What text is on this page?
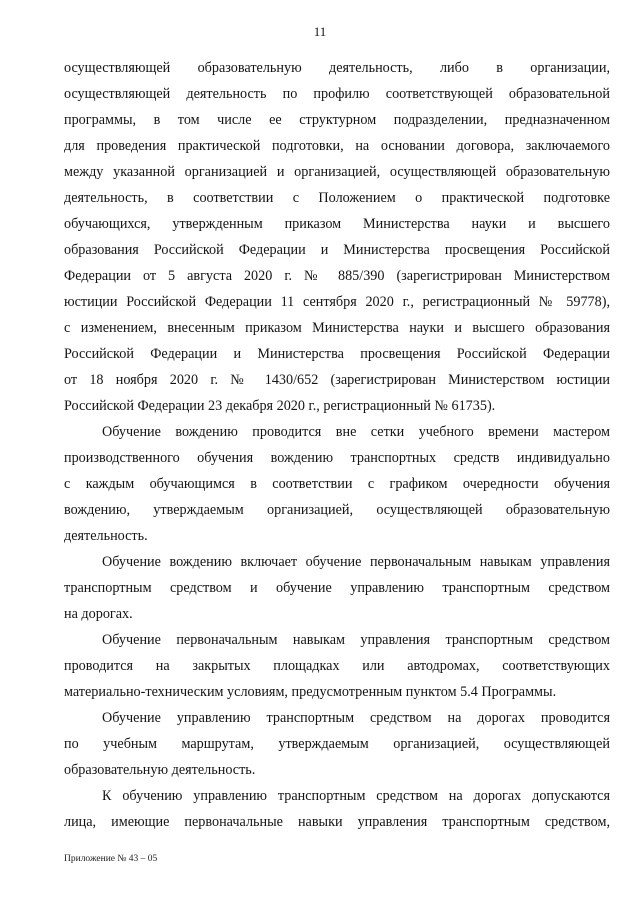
11

осуществляющей образовательную деятельность, либо в организации,
осуществляющей деятельность по профилю соответствующей образовательной
программы, в том числе ее структурном подразделении, предназначенном
для проведения практической подготовки, на основании договора, заключаемого
между указанной организацией и организацией, осуществляющей образовательную
деятельность, в соответствии с Положением о практической подготовке
обучающихся, утвержденным приказом Министерства науки и высшего
образования Российской Федерации и Министерства просвещения Российской
Федерации от 5 августа 2020 г. № 885/390 (зарегистрирован Министерством
юстиции Российской Федерации 11 сентября 2020 г., регистрационный № 59778),
с изменением, внесенным приказом Министерства науки и высшего образования
Российской Федерации и Министерства просвещения Российской Федерации
от 18 ноября 2020 г. № 1430/652 (зарегистрирован Министерством юстиции
Российской Федерации 23 декабря 2020 г., регистрационный № 61735).

Обучение вождению проводится вне сетки учебного времени мастером
производственного обучения вождению транспортных средств индивидуально
с каждым обучающимся в соответствии с графиком очередности обучения
вождению, утверждаемым организацией, осуществляющей образовательную
деятельность.

Обучение вождению включает обучение первоначальным навыкам управления
транспортным средством и обучение управлению транспортным средством
на дорогах.

Обучение первоначальным навыкам управления транспортным средством
проводится на закрытых площадках или автодромах, соответствующих
материально-техническим условиям, предусмотренным пунктом 5.4 Программы.

Обучение управлению транспортным средством на дорогах проводится
по учебным маршрутам, утверждаемым организацией, осуществляющей
образовательную деятельность.

К обучению управлению транспортным средством на дорогах допускаются
лица, имеющие первоначальные навыки управления транспортным средством,

Приложение № 43 – 05
